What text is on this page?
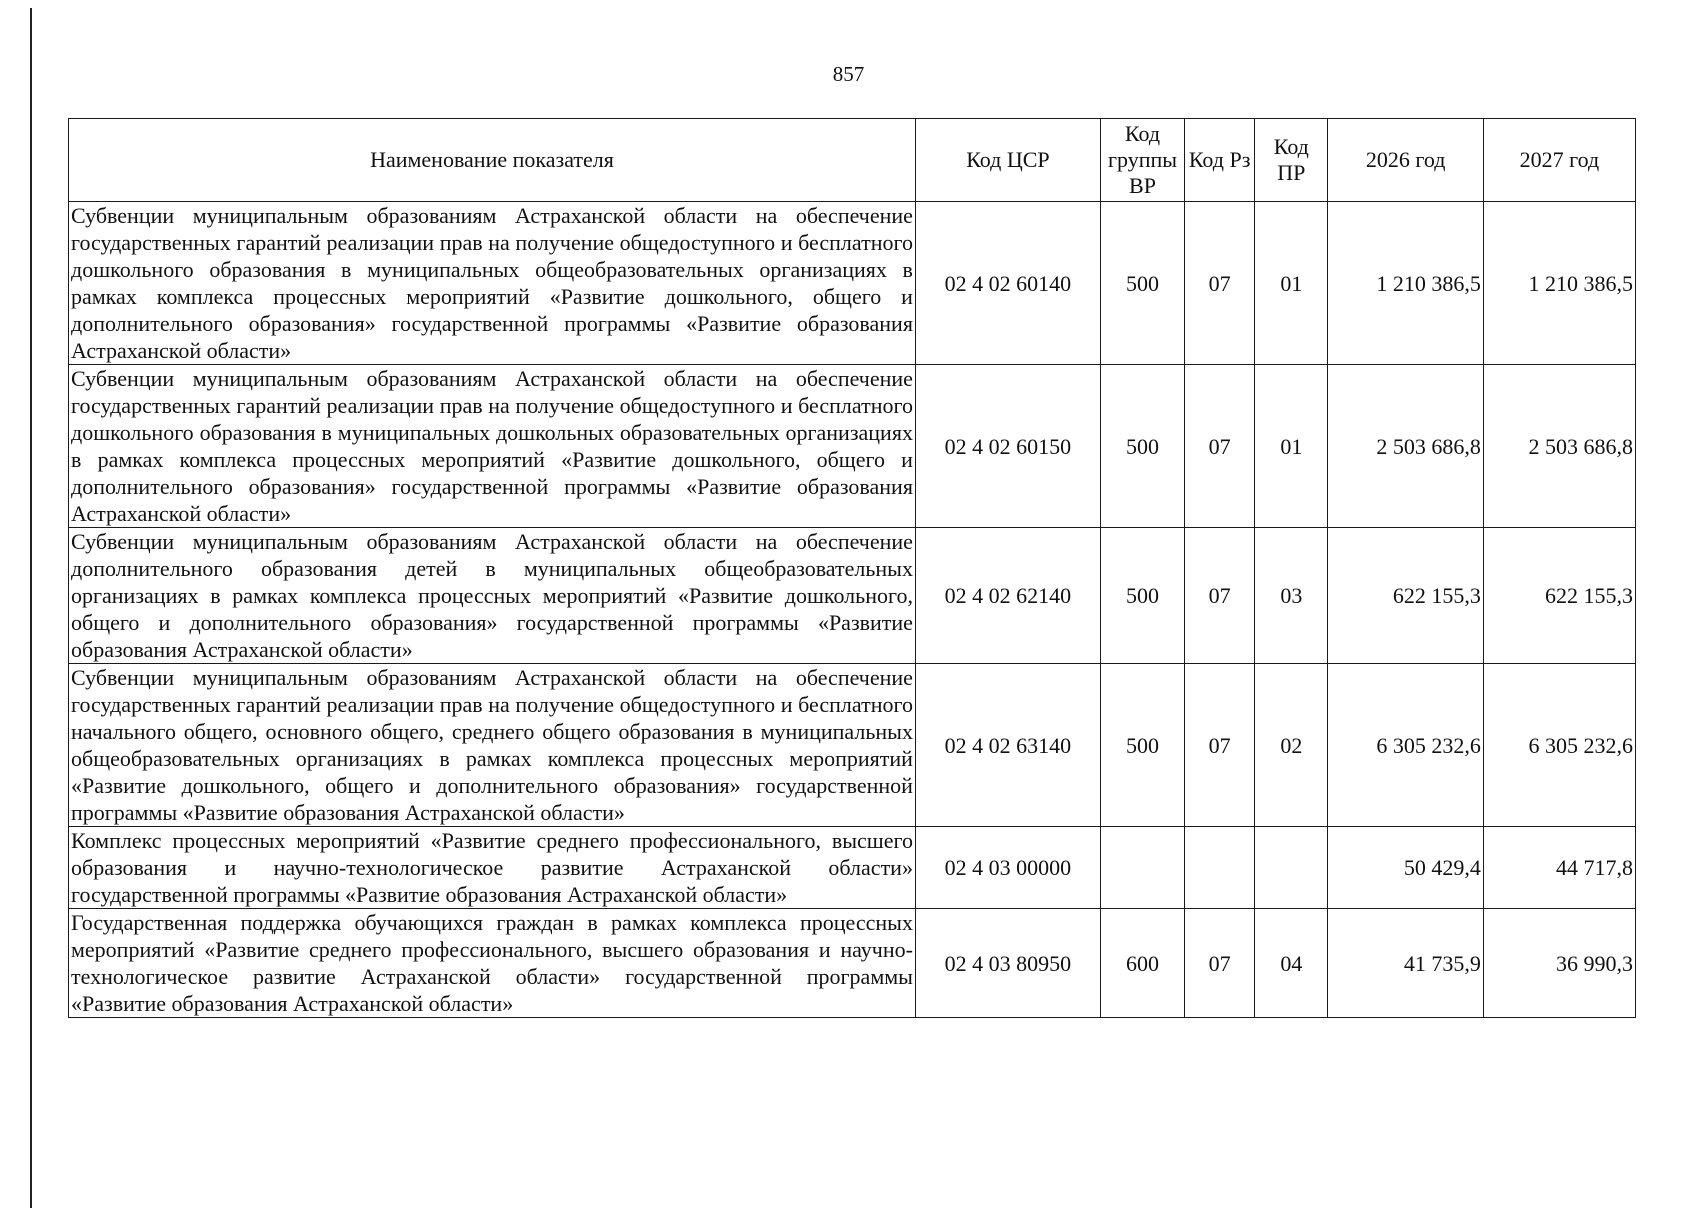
857
Наименование показателя	Код ЦСР	Код группы ВР	Код Рз	Код ПР	2026 год	2027 год
Субвенции муниципальным образованиям Астраханской области на обеспечение государственных гарантий реализации прав на получение общедоступного и бесплатного дошкольного образования в муниципальных общеобразовательных организациях в рамках комплекса процессных мероприятий «Развитие дошкольного, общего и дополнительного образования» государственной программы «Развитие образования Астраханской области»	02 4 02 60140	500	07	01	1 210 386,5	1 210 386,5
Субвенции муниципальным образованиям Астраханской области на обеспечение государственных гарантий реализации прав на получение общедоступного и бесплатного дошкольного образования в муниципальных дошкольных образовательных организациях в рамках комплекса процессных мероприятий «Развитие дошкольного, общего и дополнительного образования» государственной программы «Развитие образования Астраханской области»	02 4 02 60150	500	07	01	2 503 686,8	2 503 686,8
Субвенции муниципальным образованиям Астраханской области на обеспечение дополнительного образования детей в муниципальных общеобразовательных организациях в рамках комплекса процессных мероприятий «Развитие дошкольного, общего и дополнительного образования» государственной программы «Развитие образования Астраханской области»	02 4 02 62140	500	07	03	622 155,3	622 155,3
Субвенции муниципальным образованиям Астраханской области на обеспечение государственных гарантий реализации прав на получение общедоступного и бесплатного начального общего, основного общего, среднего общего образования в муниципальных общеобразовательных организациях в рамках комплекса процессных мероприятий «Развитие дошкольного, общего и дополнительного образования» государственной программы «Развитие образования Астраханской области»	02 4 02 63140	500	07	02	6 305 232,6	6 305 232,6
Комплекс процессных мероприятий «Развитие среднего профессионального, высшего образования и научно-технологическое развитие Астраханской области» государственной программы «Развитие образования Астраханской области»	02 4 03 00000				50 429,4	44 717,8
Государственная поддержка обучающихся граждан в рамках комплекса процессных мероприятий «Развитие среднего профессионального, высшего образования и научно-технологическое развитие Астраханской области» государственной программы «Развитие образования Астраханской области»	02 4 03 80950	600	07	04	41 735,9	36 990,3
